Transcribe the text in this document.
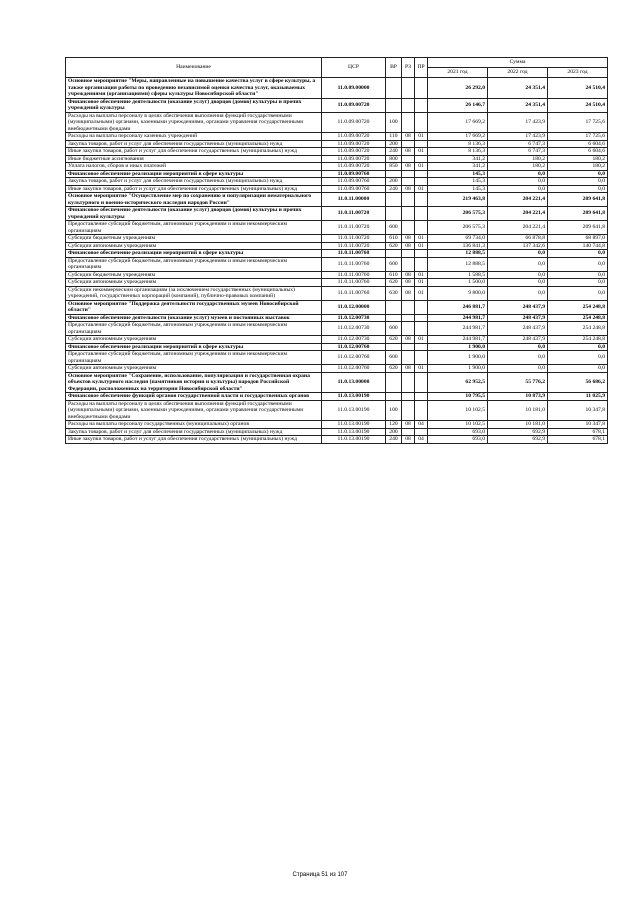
Наименование	ЦСР	ВР	РЗ	ПР	Сумма		
					2021 год	2022 год	2023 год
Основное мероприятие "Меры, направленные на повышение качества услуг в сфере культуры, а также организация работы по проведению независимой оценки качества услуг, оказываемых учреждениями (организациями) сферы культуры Новосибирской области"	11.0.09.00000				26 292,0	24 351,4	24 510,4
Финансовое обеспечение деятельности (оказание услуг) дворцов (домов) культуры и прочих учреждений культуры	11.0.09.00720				26 146,7	24 351,4	24 510,4
Расходы на выплаты персоналу в целях обеспечения выполнения функций государственными (муниципальными) органами, казенными учреждениями, органами управления государственными внебюджетными фондами	11.0.09.00720	100			17 669,2	17 423,9	17 725,6
Расходы на выплаты персоналу казенных учреждений	11.0.09.00720	110	08	01	17 669,2	17 423,9	17 725,6
Закупка товаров, работ и услуг для обеспечения государственных (муниципальных) нужд	11.0.09.00720	200			8 136,3	6 747,3	6 604,6
Иные закупки товаров, работ и услуг для обеспечения государственных (муниципальных) нужд	11.0.09.00720	240	08	01	8 136,3	6 747,3	6 604,6
Иные бюджетные ассигнования	11.0.09.00720	800			341,2	180,2	180,2
Уплата налогов, сборов и иных платежей	11.0.09.00720	850	08	01	341,2	180,2	180,2
Финансовое обеспечение реализации мероприятий в сфере культуры	11.0.09.00760				145,3	0,0	0,0
Закупка товаров, работ и услуг для обеспечения государственных (муниципальных) нужд	11.0.09.00760	200			145,3	0,0	0,0
Иные закупки товаров, работ и услуг для обеспечения государственных (муниципальных) нужд	11.0.09.00760	240	08	01	145,3	0,0	0,0
Основное мероприятие "Осуществление мер по сохранению и популяризации нематериального культурного и военно-исторического наследия народов России"	11.0.11.00000				219 463,8	204 221,4	209 641,8
Финансовое обеспечение деятельности (оказание услуг) дворцов (домов) культуры и прочих учреждений культуры	11.0.11.00720				206 575,3	204 221,4	209 641,8
Предоставление субсидий бюджетным, автономным учреждениям и иным некоммерческим организациям	11.0.11.00720	600			206 575,3	204 221,4	209 641,8
Субсидии бюджетным учреждениям	11.0.11.00720	610	08	01	69 734,0	66 878,8	68 897,0
Субсидии автономным учреждениям	11.0.11.00720	620	08	01	136 841,3	137 342,6	140 744,8
Финансовое обеспечение реализации мероприятий в сфере культуры	11.0.11.00760				12 888,5	0,0	0,0
Предоставление субсидий бюджетным, автономным учреждениям и иным некоммерческим организациям	11.0.11.00760	600			12 888,5	0,0	0,0
Субсидии бюджетным учреждениям	11.0.11.00760	610	08	01	1 588,5	0,0	0,0
Субсидии автономным учреждениям	11.0.11.00760	620	08	01	1 500,0	0,0	0,0
Субсидии некоммерческим организациям (за исключением государственных (муниципальных) учреждений, государственных корпораций (компаний), публично-правовых компаний)	11.0.11.00760	630	08	01	9 800,0	0,0	0,0
Основное мероприятие "Поддержка деятельности государственных музеев Новосибирской области"	11.0.12.00000				246 881,7	248 437,9	254 248,8
Финансовое обеспечение деятельности (оказание услуг) музеев и постоянных выставок	11.0.12.00730				244 981,7	248 437,9	254 248,8
Предоставление субсидий бюджетным, автономным учреждениям и иным некоммерческим организациям	11.0.12.00730	600			244 981,7	248 437,9	254 248,8
Субсидии автономным учреждениям	11.0.12.00730	620	08	01	244 981,7	248 437,9	254 248,8
Финансовое обеспечение реализации мероприятий в сфере культуры	11.0.12.00760				1 900,0	0,0	0,0
Предоставление субсидий бюджетным, автономным учреждениям и иным некоммерческим организациям	11.0.12.00760	600			1 900,0	0,0	0,0
Субсидии автономным учреждениям	11.0.12.00760	620	08	01	1 900,0	0,0	0,0
Основное мероприятие "Сохранение, использование, популяризация и государственная охрана объектов культурного наследия (памятников истории и культуры) народов Российской Федерации, расположенных на территории Новосибирской области"	11.0.13.00000				62 952,5	55 776,2	56 686,2
Финансовое обеспечение функций органов государственной власти и государственных органов	11.0.13.00190				10 795,5	10 873,9	11 025,9
Расходы на выплаты персоналу в целях обеспечения выполнения функций государственными (муниципальными) органами, казенными учреждениями, органами управления государственными внебюджетными фондами	11.0.13.00190	100			10 102,5	10 181,0	10 347,8
Расходы на выплаты персоналу государственных (муниципальных) органов	11.0.13.00190	120	08	04	10 102,5	10 181,0	10 347,8
Закупка товаров, работ и услуг для обеспечения государственных (муниципальных) нужд	11.0.13.00190	200			693,0	692,9	678,1
Иные закупки товаров, работ и услуг для обеспечения государственных (муниципальных) нужд	11.0.13.00190	240	08	04	693,0	692,9	678,1
Страница 51 из 107
